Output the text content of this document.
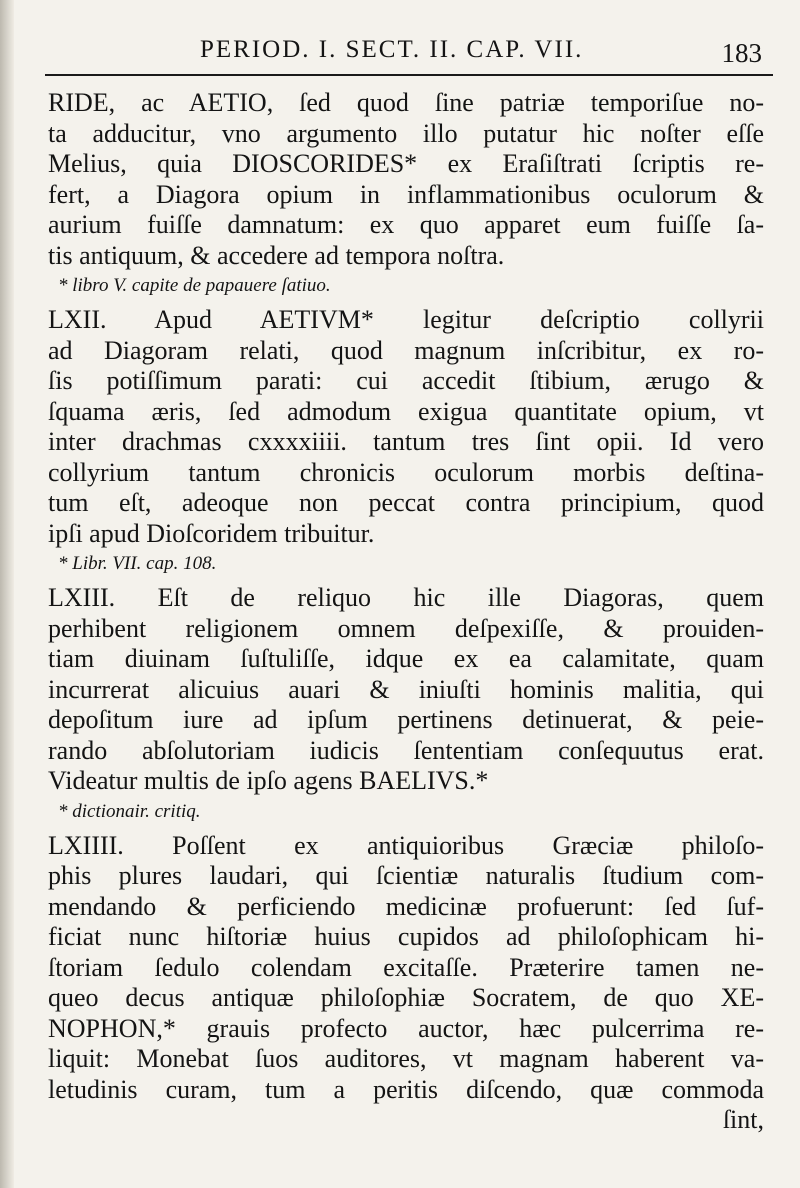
PERIOD. I. SECT. II. CAP. VII.	183
RIDE, ac AETIO, ſed quod ſine patriæ temporiſue no-
ta adducitur, vno argumento illo putatur hic noſter eſſe
Melius, quia DIOSCORIDES* ex Eraſiſtrati ſcriptis re-
fert, a Diagora opium in inflammationibus oculorum &
aurium fuiſſe damnatum: ex quo apparet eum fuiſſe ſa-
tis antiquum, & accedere ad tempora noſtra.
* libro V. capite de papauere ſatiuo.
LXII. Apud AETIVM* legitur deſcriptio collyrii
ad Diagoram relati, quod magnum inſcribitur, ex ro-
ſis potiſſimum parati: cui accedit ſtibium, ærugo &
ſquama æris, ſed admodum exigua quantitate opium, vt
inter drachmas cxxxxiiii. tantum tres ſint opii. Id vero
collyrium tantum chronicis oculorum morbis deſtina-
tum eſt, adeoque non peccat contra principium, quod
ipſi apud Dioſcoridem tribuitur.
* Libr. VII. cap. 108.
LXIII. Eſt de reliquo hic ille Diagoras, quem
perhibent religionem omnem deſpexiſſe, & prouiden-
tiam diuinam ſuſtuliſſe, idque ex ea calamitate, quam
incurrerat alicuius auari & iniuſti hominis malitia, qui
depoſitum iure ad ipſum pertinens detinuerat, & peie-
rando abſolutoriam iudicis ſententiam conſequutus erat.
Videatur multis de ipſo agens BAELIVS.*
* dictionair. critiq.
LXIIII. Poſſent ex antiquioribus Græciæ philoſo-
phis plures laudari, qui ſcientiæ naturalis ſtudium com-
mendando & perficiendo medicinæ profuerunt: ſed ſuf-
ficiat nunc hiſtoriæ huius cupidos ad philoſophicam hi-
ſtoriam ſedulo colendam excitaſſe. Præterire tamen ne-
queo decus antiquæ philoſophiæ Socratem, de quo XE-
NOPHON,* grauis profecto auctor, hæc pulcerrima re-
liquit: Monebat ſuos auditores, vt magnam haberent va-
letudinis curam, tum a peritis diſcendo, quæ commoda
ſint,
